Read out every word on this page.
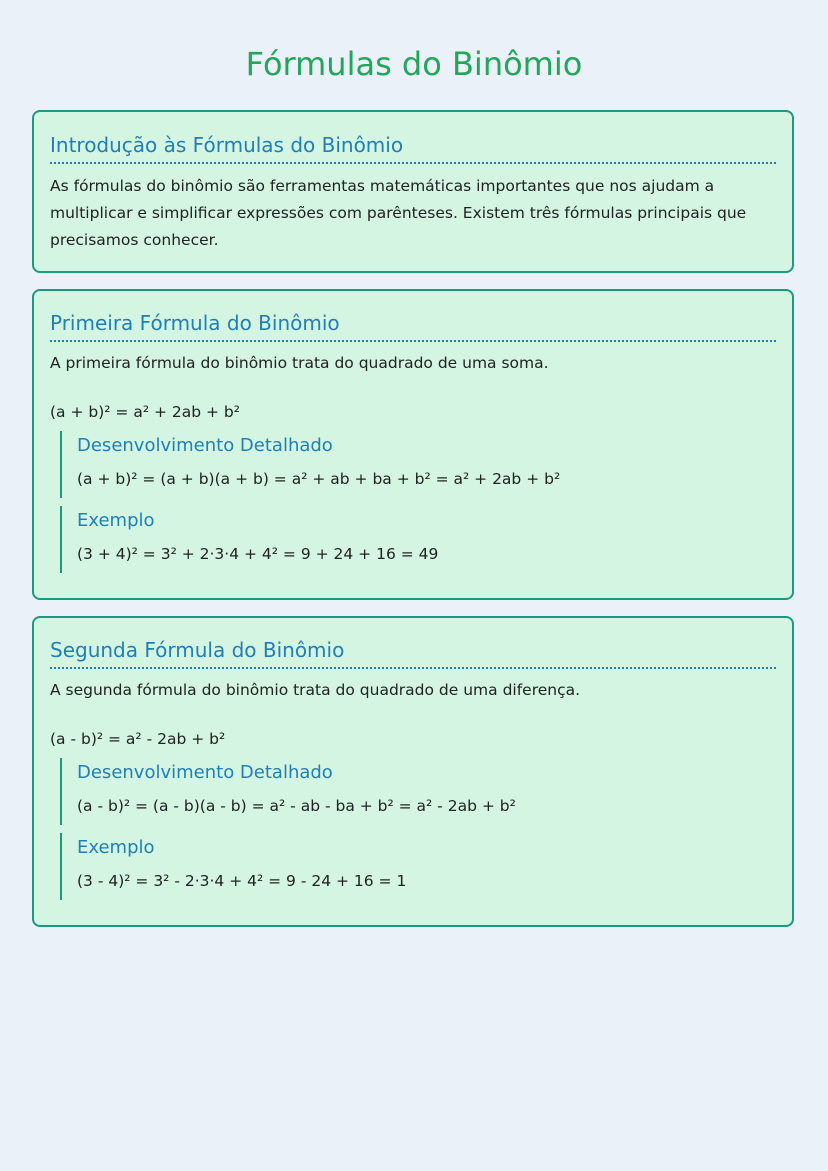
Fórmulas do Binômio
Introdução às Fórmulas do Binômio

As fórmulas do binômio são ferramentas matemáticas importantes que nos ajudam a multiplicar e simplificar expressões com parênteses. Existem três fórmulas principais que precisamos conhecer.

Primeira Fórmula do Binômio

A primeira fórmula do binômio trata do quadrado de uma soma.

(a + b)² = a² + 2ab + b²

Desenvolvimento Detalhado

(a + b)² = (a + b)(a + b) = a² + ab + ba + b² = a² + 2ab + b²

Exemplo

(3 + 4)² = 3² + 2·3·4 + 4² = 9 + 24 + 16 = 49

Segunda Fórmula do Binômio

A segunda fórmula do binômio trata do quadrado de uma diferença.

(a - b)² = a² - 2ab + b²

Desenvolvimento Detalhado

(a - b)² = (a - b)(a - b) = a² - ab - ba + b² = a² - 2ab + b²

Exemplo

(3 - 4)² = 3² - 2·3·4 + 4² = 9 - 24 + 16 = 1
